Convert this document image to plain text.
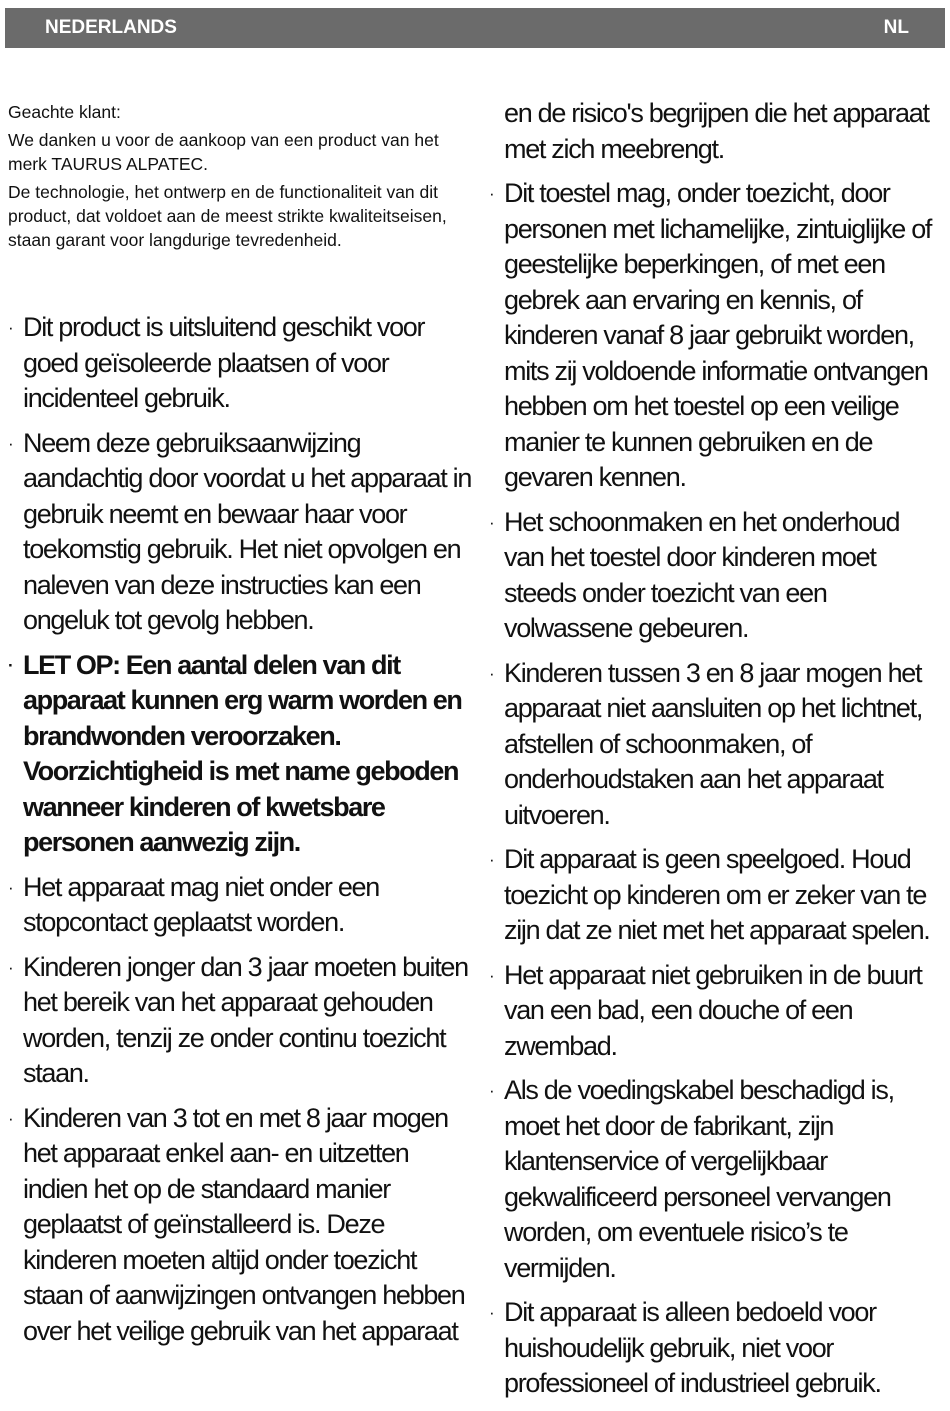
NEDERLANDS	NL

Geachte klant:

We danken u voor de aankoop van een product van het merk TAURUS ALPATEC.

De technologie, het ontwerp en de functionaliteit van dit product, dat voldoet aan de meest strikte kwaliteitseisen, staan garant voor langdurige tevredenheid.

· Dit product is uitsluitend geschikt voor goed geïsoleerde plaatsen of voor incidenteel gebruik.
· Neem deze gebruiksaanwijzing aandachtig door voordat u het apparaat in gebruik neemt en bewaar haar voor toekomstig gebruik. Het niet opvolgen en naleven van deze instructies kan een ongeluk tot gevolg hebben.
· LET OP: Een aantal delen van dit apparaat kunnen erg warm worden en brandwonden veroorzaken. Voorzichtigheid is met name geboden wanneer kinderen of kwetsbare personen aanwezig zijn.
· Het apparaat mag niet onder een stopcontact geplaatst worden.
· Kinderen jonger dan 3 jaar moeten buiten het bereik van het apparaat gehouden worden, tenzij ze onder continu toezicht staan.
· Kinderen van 3 tot en met 8 jaar mogen het apparaat enkel aan- en uitzetten indien het op de standaard manier geplaatst of geïnstalleerd is. Deze kinderen moeten altijd onder toezicht staan of aanwijzingen ontvangen hebben over het veilige gebruik van het apparaat
en de risico's begrijpen die het apparaat met zich meebrengt.
· Dit toestel mag, onder toezicht, door personen met lichamelijke, zintuiglijke of geestelijke beperkingen, of met een gebrek aan ervaring en kennis, of kinderen vanaf 8 jaar gebruikt worden, mits zij voldoende informatie ontvangen hebben om het toestel op een veilige manier te kunnen gebruiken en de gevaren kennen.
· Het schoonmaken en het onderhoud van het toestel door kinderen moet steeds onder toezicht van een volwassene gebeuren.
· Kinderen tussen 3 en 8 jaar mogen het apparaat niet aansluiten op het lichtnet, afstellen of schoonmaken, of onderhoudstaken aan het apparaat uitvoeren.
· Dit apparaat is geen speelgoed. Houd toezicht op kinderen om er zeker van te zijn dat ze niet met het apparaat spelen.
· Het apparaat niet gebruiken in de buurt van een bad, een douche of een zwembad.
· Als de voedingskabel beschadigd is, moet het door de fabrikant, zijn klantenservice of vergelijkbaar gekwalificeerd personeel vervangen worden, om eventuele risico’s te vermijden.
· Dit apparaat is alleen bedoeld voor huishoudelijk gebruik, niet voor professioneel of industrieel gebruik.
